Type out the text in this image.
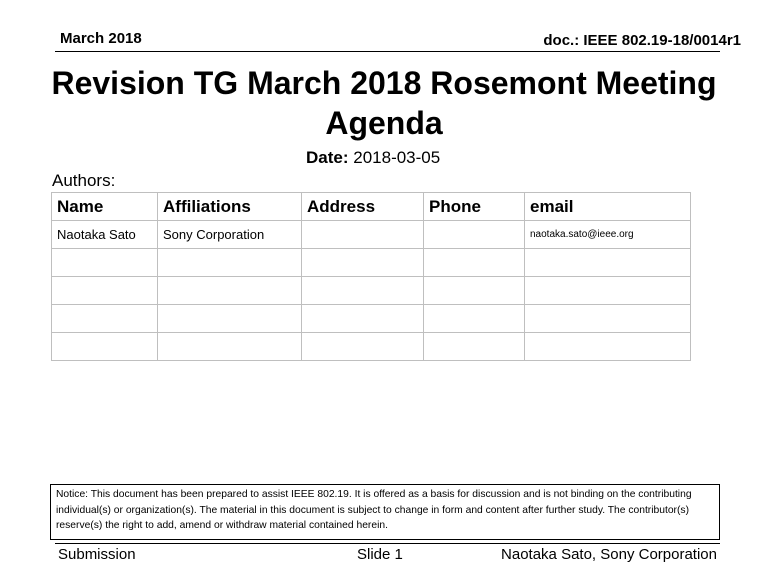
March 2018	doc.: IEEE 802.19-18/0014r1
Revision TG March 2018 Rosemont Meeting Agenda
Date: 2018-03-05
Authors:
Name	Affiliations	Address	Phone	email
Naotaka Sato	Sony Corporation			naotaka.sato@ieee.org

Notice: This document has been prepared to assist IEEE 802.19. It is offered as a basis for discussion and is not binding on the contributing individual(s) or organization(s). The material in this document is subject to change in form and content after further study. The contributor(s) reserve(s) the right to add, amend or withdraw material contained herein.
Submission	Slide 1	Naotaka Sato, Sony Corporation
